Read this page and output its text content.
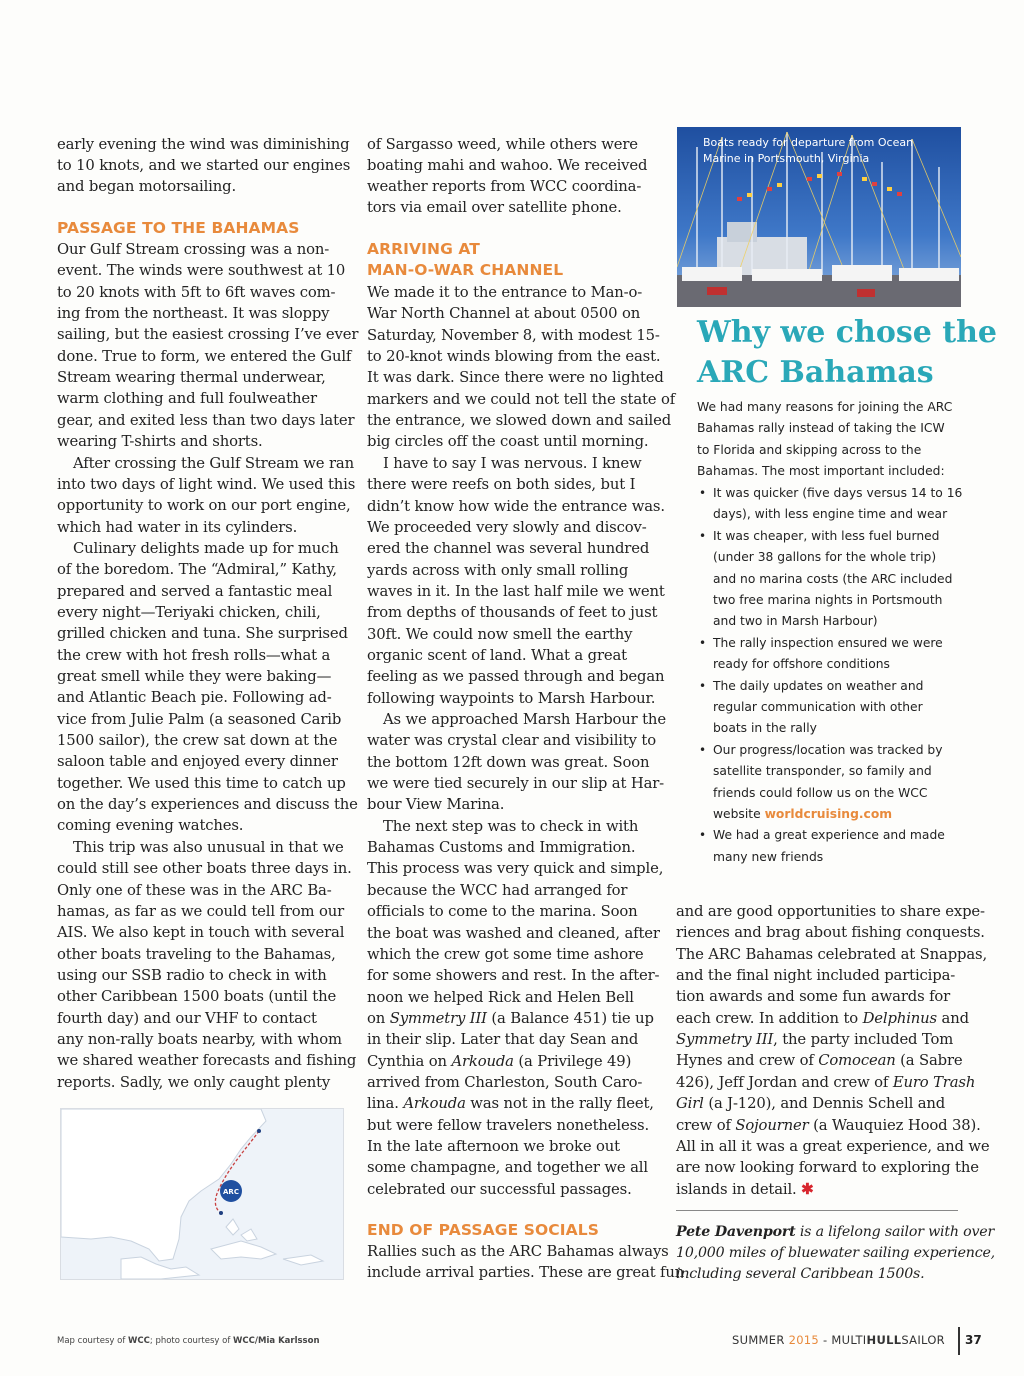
early evening the wind was diminishing
to 10 knots, and we started our engines
and began motorsailing.
PASSAGE TO THE BAHAMAS
Our Gulf Stream crossing was a non-
event. The winds were southwest at 10
to 20 knots with 5ft to 6ft waves com-
ing from the northeast. It was sloppy
sailing, but the easiest crossing I’ve ever
done. True to form, we entered the Gulf
Stream wearing thermal underwear,
warm clothing and full foulweather
gear, and exited less than two days later
wearing T-shirts and shorts.
After crossing the Gulf Stream we ran
into two days of light wind. We used this
opportunity to work on our port engine,
which had water in its cylinders.
Culinary delights made up for much
of the boredom. The “Admiral,” Kathy,
prepared and served a fantastic meal
every night—Teriyaki chicken, chili,
grilled chicken and tuna. She surprised
the crew with hot fresh rolls—what a
great smell while they were baking—
and Atlantic Beach pie. Following ad-
vice from Julie Palm (a seasoned Carib
1500 sailor), the crew sat down at the
saloon table and enjoyed every dinner
together. We used this time to catch up
on the day’s experiences and discuss the
coming evening watches.
This trip was also unusual in that we
could still see other boats three days in.
Only one of these was in the ARC Ba-
hamas, as far as we could tell from our
AIS. We also kept in touch with several
other boats traveling to the Bahamas,
using our SSB radio to check in with
other Caribbean 1500 boats (until the
fourth day) and our VHF to contact
any non-rally boats nearby, with whom
we shared weather forecasts and fishing
reports. Sadly, we only caught plenty
of Sargasso weed, while others were
boating mahi and wahoo. We received
weather reports from WCC coordina-
tors via email over satellite phone.
ARRIVING AT
MAN-O-WAR CHANNEL
We made it to the entrance to Man-o-
War North Channel at about 0500 on
Saturday, November 8, with modest 15-
to 20-knot winds blowing from the east.
It was dark. Since there were no lighted
markers and we could not tell the state of
the entrance, we slowed down and sailed
big circles off the coast until morning.
I have to say I was nervous. I knew
there were reefs on both sides, but I
didn’t know how wide the entrance was.
We proceeded very slowly and discov-
ered the channel was several hundred
yards across with only small rolling
waves in it. In the last half mile we went
from depths of thousands of feet to just
30ft. We could now smell the earthy
organic scent of land. What a great
feeling as we passed through and began
following waypoints to Marsh Harbour.
As we approached Marsh Harbour the
water was crystal clear and visibility to
the bottom 12ft down was great. Soon
we were tied securely in our slip at Har-
bour View Marina.
The next step was to check in with
Bahamas Customs and Immigration.
This process was very quick and simple,
because the WCC had arranged for
officials to come to the marina. Soon
the boat was washed and cleaned, after
which the crew got some time ashore
for some showers and rest. In the after-
noon we helped Rick and Helen Bell
on Symmetry III (a Balance 451) tie up
in their slip. Later that day Sean and
Cynthia on Arkouda (a Privilege 49)
arrived from Charleston, South Caro-
lina. Arkouda was not in the rally fleet,
but were fellow travelers nonetheless.
In the late afternoon we broke out
some champagne, and together we all
celebrated our successful passages.
END OF PASSAGE SOCIALS
Rallies such as the ARC Bahamas always
include arrival parties. These are great fun
Boats ready for departure from Ocean
Marine in Portsmouth, Virginia
Why we chose the
ARC Bahamas
We had many reasons for joining the ARC
Bahamas rally instead of taking the ICW
to Florida and skipping across to the
Bahamas. The most important included:
• It was quicker (five days versus 14 to 16
days), with less engine time and wear
• It was cheaper, with less fuel burned
(under 38 gallons for the whole trip)
and no marina costs (the ARC included
two free marina nights in Portsmouth
and two in Marsh Harbour)
• The rally inspection ensured we were
ready for offshore conditions
• The daily updates on weather and
regular communication with other
boats in the rally
• Our progress/location was tracked by
satellite transponder, so family and
friends could follow us on the WCC
website worldcruising.com
• We had a great experience and made
many new friends
and are good opportunities to share expe-
riences and brag about fishing conquests.
The ARC Bahamas celebrated at Snappas,
and the final night included participa-
tion awards and some fun awards for
each crew. In addition to Delphinus and
Symmetry III, the party included Tom
Hynes and crew of Comocean (a Sabre
426), Jeff Jordan and crew of Euro Trash
Girl (a J-120), and Dennis Schell and
crew of Sojourner (a Wauquiez Hood 38).
All in all it was a great experience, and we
are now looking forward to exploring the
islands in detail. ✱
Pete Davenport is a lifelong sailor with over
10,000 miles of bluewater sailing experience,
including several Caribbean 1500s.
ARC
Map courtesy of WCC; photo courtesy of WCC/Mia Karlsson	SUMMER 2015 - MULTIHULLSAILOR 37
